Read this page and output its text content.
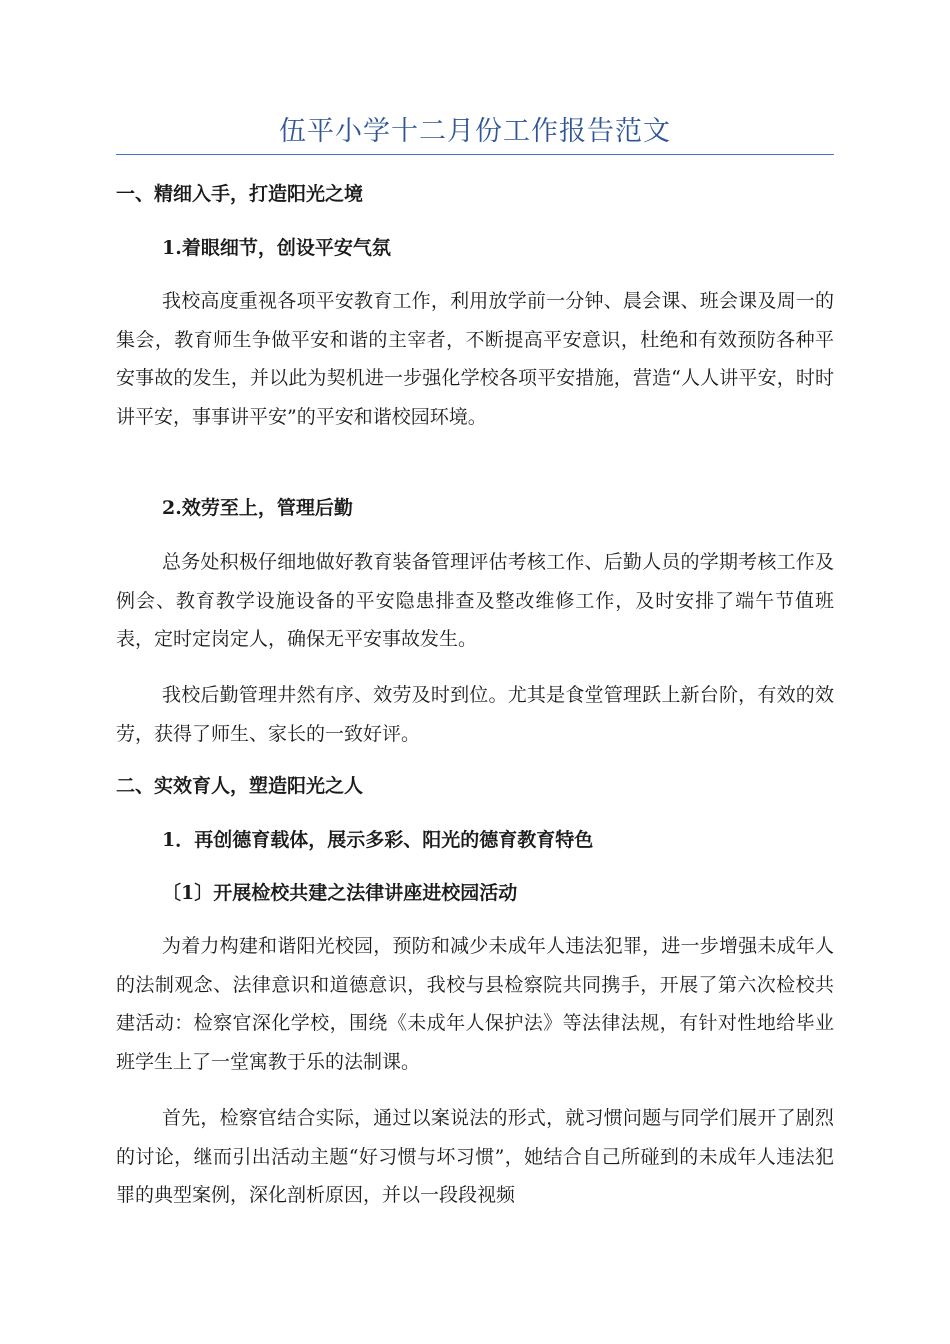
伍平小学十二月份工作报告范文
一、精细入手，打造阳光之境
1.着眼细节，创设平安气氛

我校高度重视各项平安教育工作，利用放学前一分钟、晨会课、班会课及周一的集会，教育师生争做平安和谐的主宰者，不断提高平安意识，杜绝和有效预防各种平安事故的发生，并以此为契机进一步强化学校各项平安措施，营造“人人讲平安，时时讲平安，事事讲平安”的平安和谐校园环境。

2.效劳至上，管理后勤

总务处积极仔细地做好教育装备管理评估考核工作、后勤人员的学期考核工作及例会、教育教学设施设备的平安隐患排查及整改维修工作，及时安排了端午节值班表，定时定岗定人，确保无平安事故发生。

我校后勤管理井然有序、效劳及时到位。尤其是食堂管理跃上新台阶，有效的效劳，获得了师生、家长的一致好评。

二、实效育人，塑造阳光之人
1．再创德育载体，展示多彩、阳光的德育教育特色
〔1〕开展检校共建之法律讲座进校园活动

为着力构建和谐阳光校园，预防和减少未成年人违法犯罪，进一步增强未成年人的法制观念、法律意识和道德意识，我校与县检察院共同携手，开展了第六次检校共建活动：检察官深化学校，围绕《未成年人保护法》等法律法规，有针对性地给毕业班学生上了一堂寓教于乐的法制课。

首先，检察官结合实际，通过以案说法的形式，就习惯问题与同学们展开了剧烈的讨论，继而引出活动主题“好习惯与坏习惯”，她结合自己所碰到的未成年人违法犯罪的典型案例，深化剖析原因，并以一段段视频
